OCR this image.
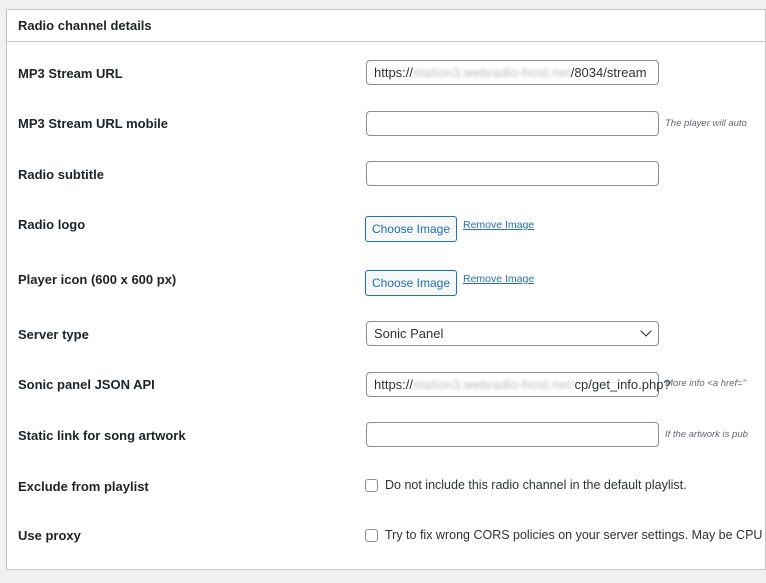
Radio channel details
MP3 Stream URL	https://station3.webradio-host.net/8034/stream
MP3 Stream URL mobile	The player will auto
Radio subtitle
Radio logo	Choose Image	Remove Image
Player icon (600 x 600 px)	Choose Image	Remove Image
Server type	Sonic Panel
Sonic panel JSON API	https://station3.webradio-host.net/cp/get_info.php?
More info <a href="
Static link for song artwork	If the artwork is pub
Exclude from playlist	Do not include this radio channel in the default playlist.
Use proxy	Try to fix wrong CORS policies on your server settings. May be CPU
